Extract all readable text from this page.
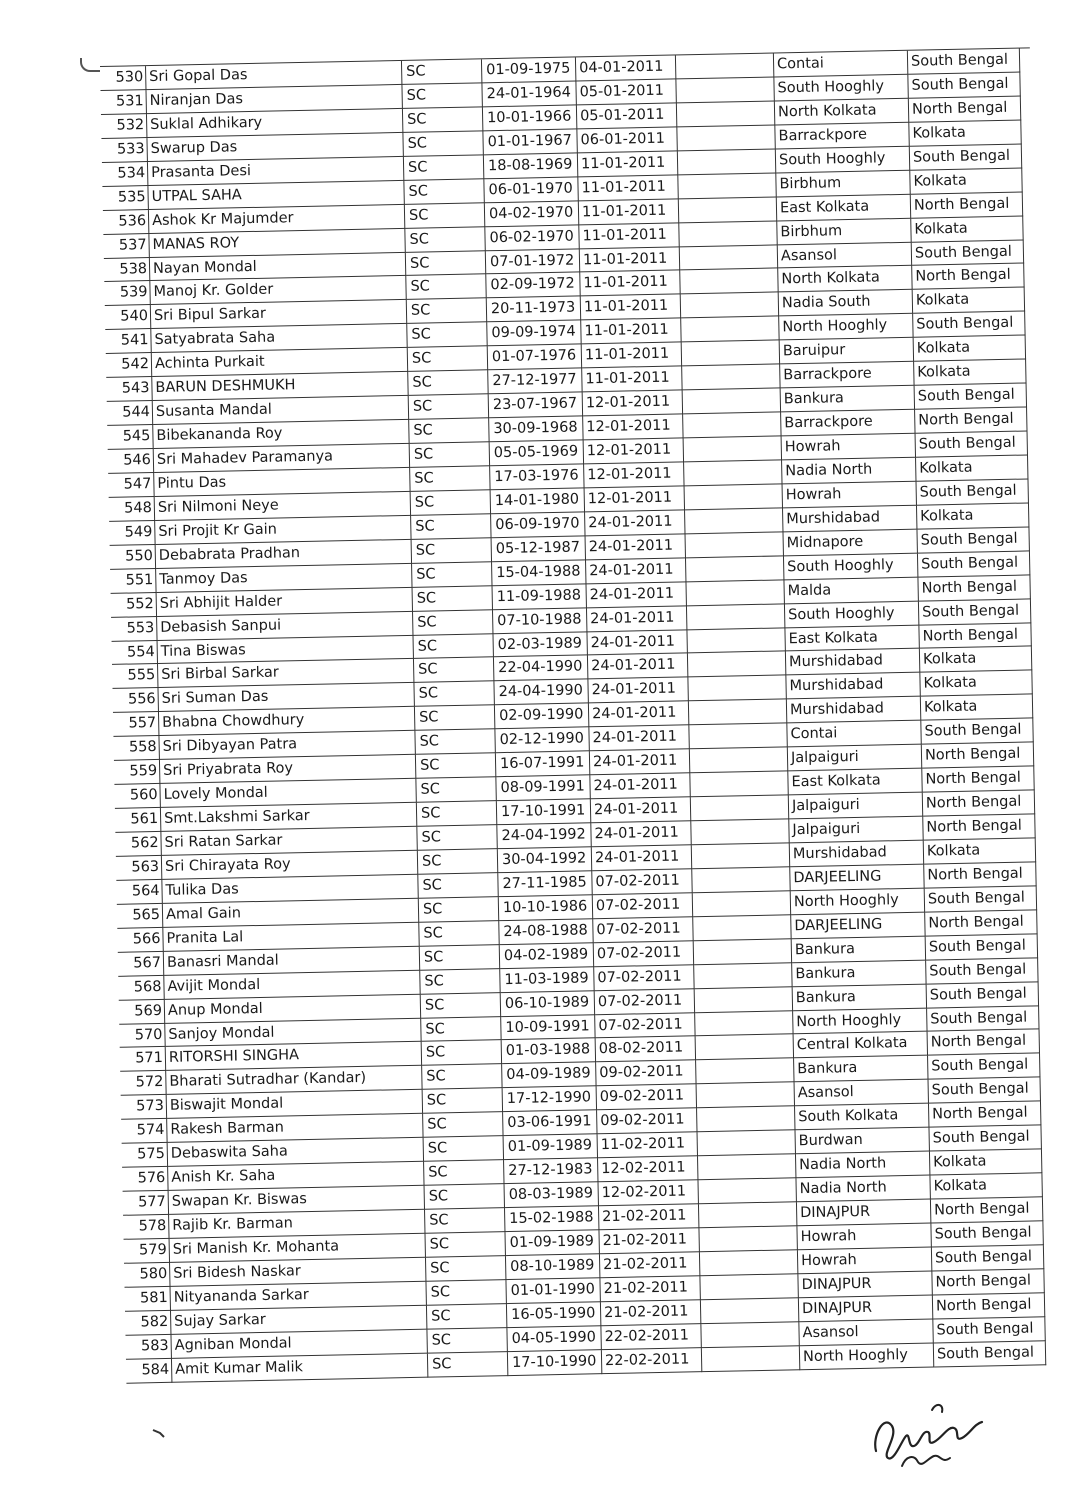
530 Sri Gopal Das	SC	01-09-1975 04-01-2011	Contai	South Bengal
531 Niranjan Das	SC	24-01-1964 05-01-2011	South Hooghly	South Bengal
532 Suklal Adhikary	SC	10-01-1966 05-01-2011	North Kolkata	North Bengal
533 Swarup Das	SC	01-01-1967 06-01-2011	Barrackpore	Kolkata
534 Prasanta Desi	SC	18-08-1969 11-01-2011	South Hooghly	South Bengal
535 UTPAL SAHA	SC	06-01-1970 11-01-2011	Birbhum	Kolkata
536 Ashok Kr Majumder	SC	04-02-1970 11-01-2011	East Kolkata	North Bengal
537 MANAS ROY	SC	06-02-1970 11-01-2011	Birbhum	Kolkata
538 Nayan Mondal	SC	07-01-1972 11-01-2011	Asansol	South Bengal
539 Manoj Kr. Golder	SC	02-09-1972 11-01-2011	North Kolkata	North Bengal
540 Sri Bipul Sarkar	SC	20-11-1973 11-01-2011	Nadia South	Kolkata
541 Satyabrata Saha	SC	09-09-1974 11-01-2011	North Hooghly	South Bengal
542 Achinta Purkait	SC	01-07-1976 11-01-2011	Baruipur	Kolkata
543 BARUN DESHMUKH	SC	27-12-1977 11-01-2011	Barrackpore	Kolkata
544 Susanta Mandal	SC	23-07-1967 12-01-2011	Bankura	South Bengal
545 Bibekananda Roy	SC	30-09-1968 12-01-2011	Barrackpore	North Bengal
546 Sri Mahadev Paramanya	SC	05-05-1969 12-01-2011	Howrah	South Bengal
547 Pintu Das	SC	17-03-1976 12-01-2011	Nadia North	Kolkata
548 Sri Nilmoni Neye	SC	14-01-1980 12-01-2011	Howrah	South Bengal
549 Sri Projit Kr Gain	SC	06-09-1970 24-01-2011	Murshidabad	Kolkata
550 Debabrata Pradhan	SC	05-12-1987 24-01-2011	Midnapore	South Bengal
551 Tanmoy Das	SC	15-04-1988 24-01-2011	South Hooghly	South Bengal
552 Sri Abhijit Halder	SC	11-09-1988 24-01-2011	Malda	North Bengal
553 Debasish Sanpui	SC	07-10-1988 24-01-2011	South Hooghly	South Bengal
554 Tina Biswas	SC	02-03-1989 24-01-2011	East Kolkata	North Bengal
555 Sri Birbal Sarkar	SC	22-04-1990 24-01-2011	Murshidabad	Kolkata
556 Sri Suman Das	SC	24-04-1990 24-01-2011	Murshidabad	Kolkata
557 Bhabna Chowdhury	SC	02-09-1990 24-01-2011	Murshidabad	Kolkata
558 Sri Dibyayan Patra	SC	02-12-1990 24-01-2011	Contai	South Bengal
559 Sri Priyabrata Roy	SC	16-07-1991 24-01-2011	Jalpaiguri	North Bengal
560 Lovely Mondal	SC	08-09-1991 24-01-2011	East Kolkata	North Bengal
561 Smt.Lakshmi Sarkar	SC	17-10-1991 24-01-2011	Jalpaiguri	North Bengal
562 Sri Ratan Sarkar	SC	24-04-1992 24-01-2011	Jalpaiguri	North Bengal
563 Sri Chirayata Roy	SC	30-04-1992 24-01-2011	Murshidabad	Kolkata
564 Tulika Das	SC	27-11-1985 07-02-2011	DARJEELING	North Bengal
565 Amal Gain	SC	10-10-1986 07-02-2011	North Hooghly	South Bengal
566 Pranita Lal	SC	24-08-1988 07-02-2011	DARJEELING	North Bengal
567 Banasri Mandal	SC	04-02-1989 07-02-2011	Bankura	South Bengal
568 Avijit Mondal	SC	11-03-1989 07-02-2011	Bankura	South Bengal
569 Anup Mondal	SC	06-10-1989 07-02-2011	Bankura	South Bengal
570 Sanjoy Mondal	SC	10-09-1991 07-02-2011	North Hooghly	South Bengal
571 RITORSHI SINGHA	SC	01-03-1988 08-02-2011	Central Kolkata	North Bengal
572 Bharati Sutradhar (Kandar)	SC	04-09-1989 09-02-2011	Bankura	South Bengal
573 Biswajit Mondal	SC	17-12-1990 09-02-2011	Asansol	South Bengal
574 Rakesh Barman	SC	03-06-1991 09-02-2011	South Kolkata	North Bengal
575 Debaswita Saha	SC	01-09-1989 11-02-2011	Burdwan	South Bengal
576 Anish Kr. Saha	SC	27-12-1983 12-02-2011	Nadia North	Kolkata
577 Swapan Kr. Biswas	SC	08-03-1989 12-02-2011	Nadia North	Kolkata
578 Rajib Kr. Barman	SC	15-02-1988 21-02-2011	DINAJPUR	North Bengal
579 Sri Manish Kr. Mohanta	SC	01-09-1989 21-02-2011	Howrah	South Bengal
580 Sri Bidesh Naskar	SC	08-10-1989 21-02-2011	Howrah	South Bengal
581 Nityananda Sarkar	SC	01-01-1990 21-02-2011	DINAJPUR	North Bengal
582 Sujay Sarkar	SC	16-05-1990 21-02-2011	DINAJPUR	North Bengal
583 Agniban Mondal	SC	04-05-1990 22-02-2011	Asansol	South Bengal
584 Amit Kumar Malik	SC	17-10-1990 22-02-2011	North Hooghly	South Bengal
